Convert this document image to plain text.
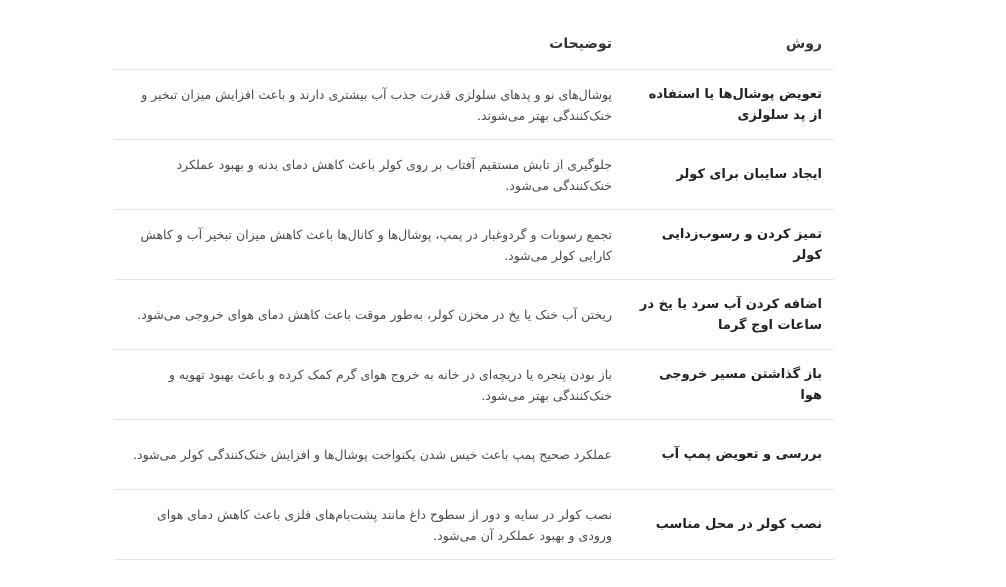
روش	توضیحات
تعویض پوشال‌ها یا استفاده از پد سلولزی	پوشال‌های نو و پدهای سلولزی قدرت جذب آب بیشتری دارند و باعث افزایش میزان تبخیر و خنک‌کنندگی بهتر می‌شوند.
ایجاد سایبان برای کولر	جلوگیری از تابش مستقیم آفتاب بر روی کولر باعث کاهش دمای بدنه و بهبود عملکرد خنک‌کنندگی می‌شود.
تمیز کردن و رسوب‌زدایی کولر	تجمع رسوبات و گردوغبار در پمپ، پوشال‌ها و کانال‌ها باعث کاهش میزان تبخیر آب و کاهش کارایی کولر می‌شود.
اضافه کردن آب سرد یا یخ در ساعات اوج گرما	ریختن آب خنک یا یخ در مخزن کولر، به‌طور موقت باعث کاهش دمای هوای خروجی می‌شود.
باز گذاشتن مسیر خروجی هوا	باز بودن پنجره یا دریچه‌ای در خانه به خروج هوای گرم کمک کرده و باعث بهبود تهویه و خنک‌کنندگی بهتر می‌شود.
بررسی و تعویض پمپ آب	عملکرد صحیح پمپ باعث خیس شدن یکنواخت پوشال‌ها و افزایش خنک‌کنندگی کولر می‌شود.
نصب کولر در محل مناسب	نصب کولر در سایه و دور از سطوح داغ مانند پشت‌بام‌های فلزی باعث کاهش دمای هوای ورودی و بهبود عملکرد آن می‌شود.
